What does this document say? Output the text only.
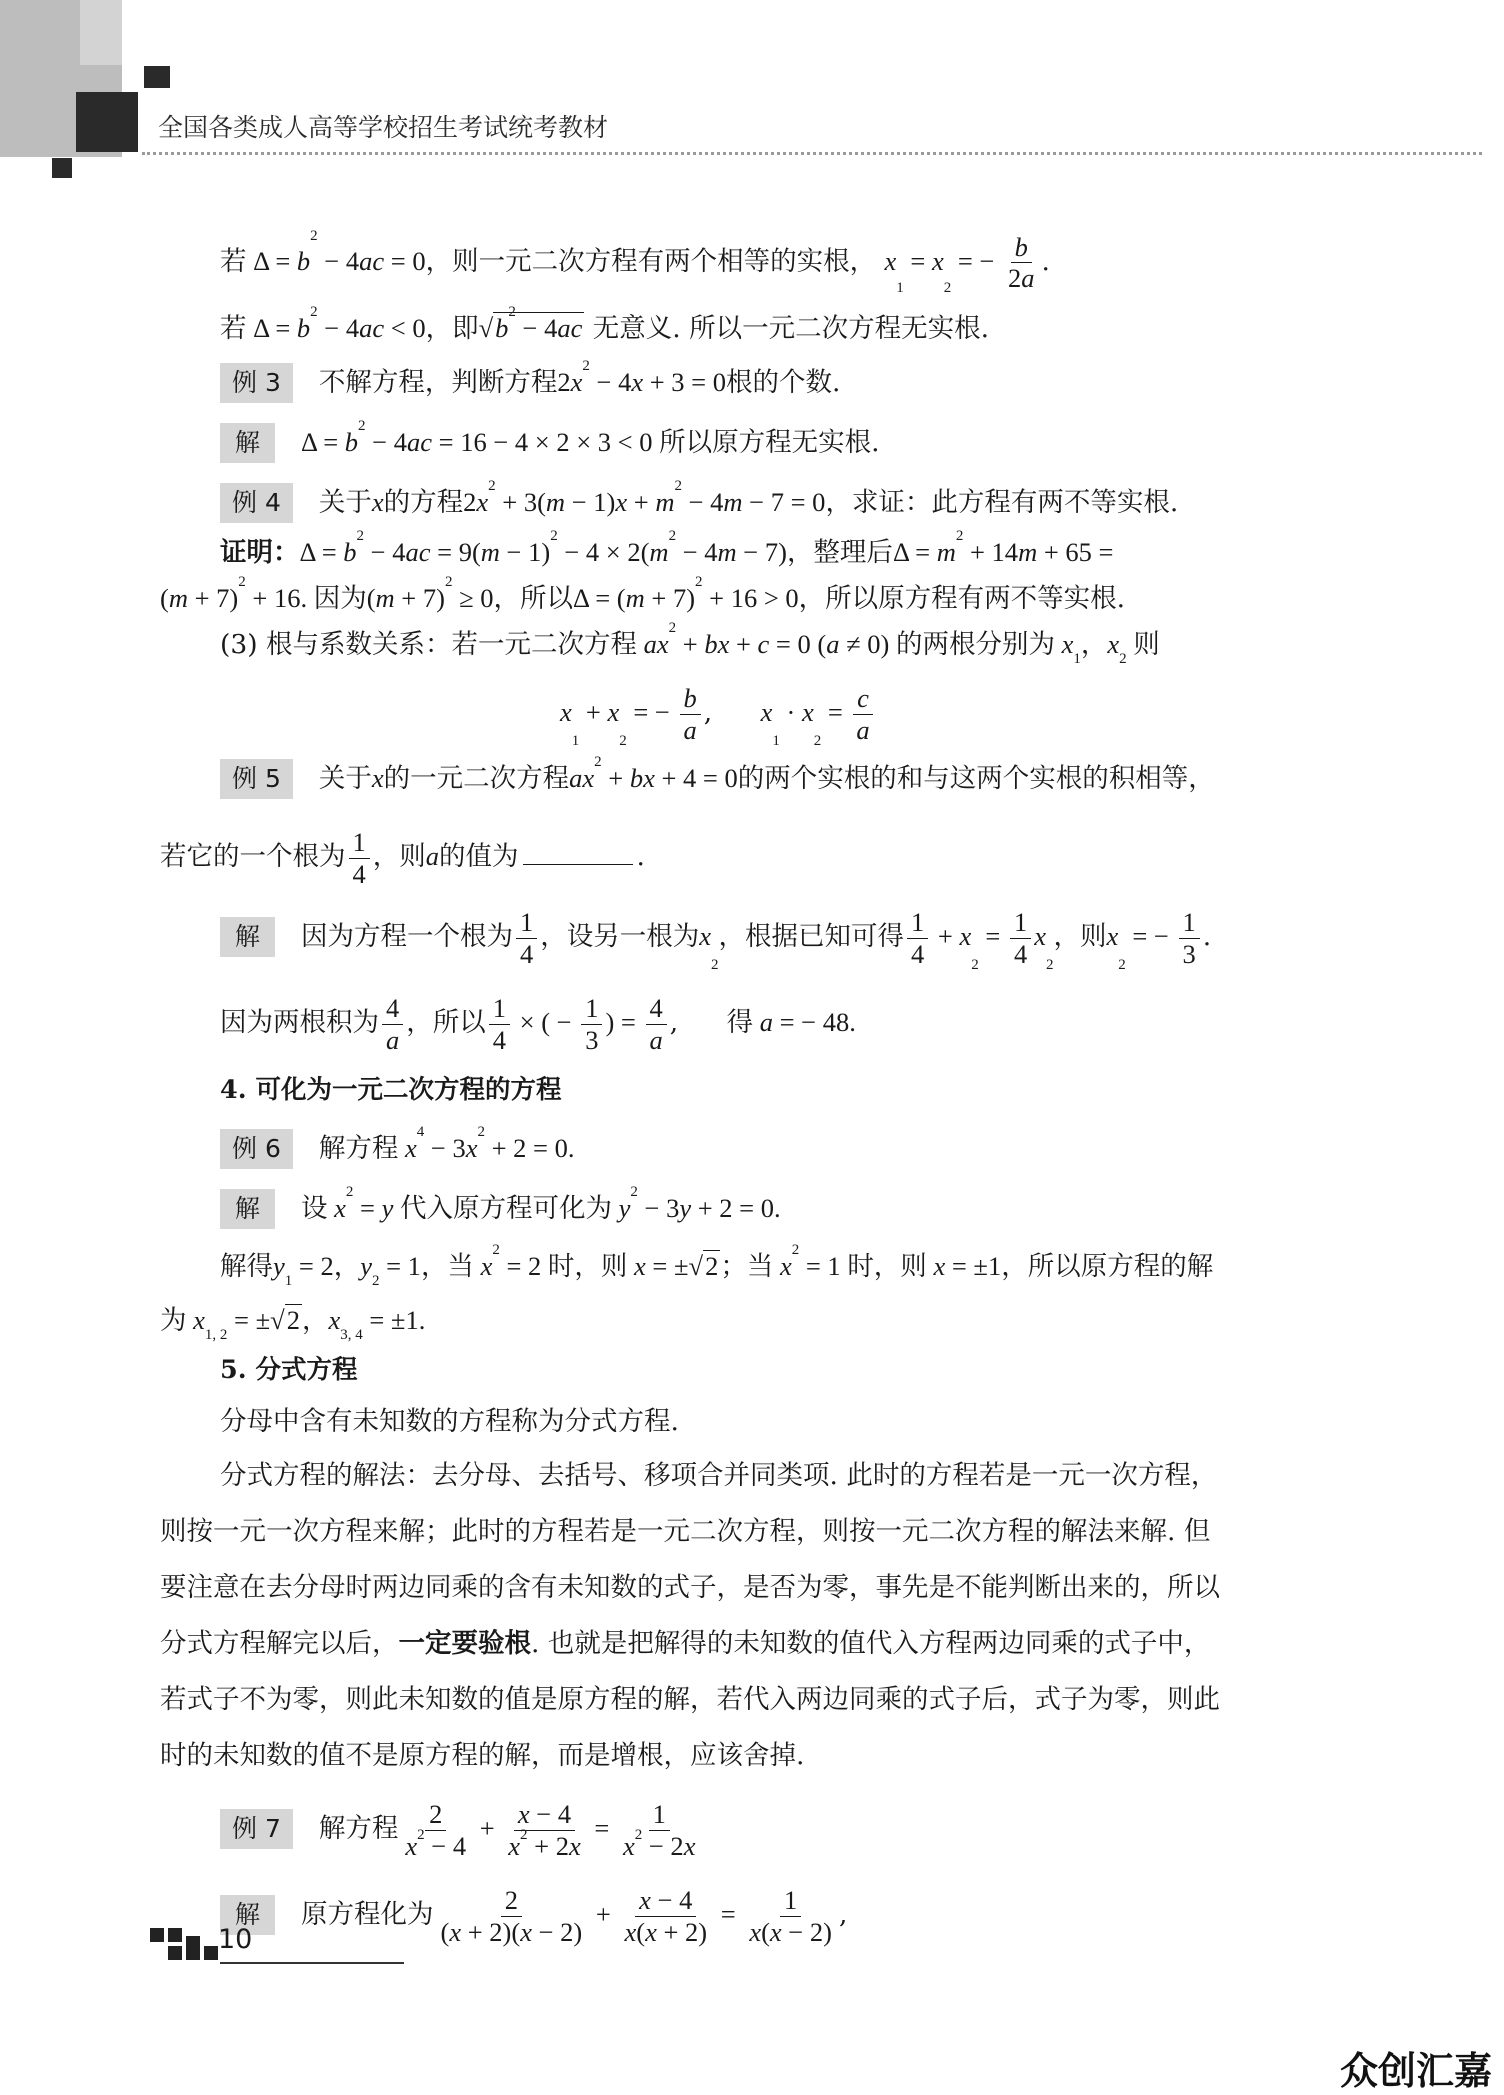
全国各类成人高等学校招生考试统考教材
若 $\Delta = b^2 - 4ac = 0$，则一元二次方程有两个相等的实根， $x_1 = x_2$ = − $\frac{b}{2a}$ .
若 $\Delta = b^2 - 4ac < 0$，即$√b^2 - 4ac$ 无意义. 所以一元二次方程无实根.
例 3 不解方程，判断方程$2x^2 - 4x + 3 = 0$根的个数.
解 $\Delta = b^2 - 4ac = 16 - 4 \times 2 \times 3 < 0$ 所以原方程无实根.
例 4 关于x的方程$2x^2 + 3(m - 1)x + m^2 - 4m - 7 = 0$，求证：此方程有两不等实根.
证明：$\Delta = b^2 - 4ac = 9(m - 1)^2 - 4 \times 2(m^2 - 4m - 7)$，整理后$\Delta = m^2 + 14m + 65$ =
$(m + 7)^2 + 16$. 因为$(m + 7)^2 \ge 0$，所以$\Delta = (m + 7)^2 + 16 > 0$，所以原方程有两不等实根.
(3) 根与系数关系：若一元二次方程 $ax^2$ + bx + c = 0 (a ≠ 0) 的两根分别为 $x_1$，$x_2$ 则
$x_1 + x_2$ = − $\frac{b}{a}$ , $x_1 \cdot x_2 = \frac{c}{a}$
例 5 关于x的一元二次方程$ax^2$ + bx + 4 = 0的两个实根的和与这两个实根的积相等，
若它的一个根为 $\frac{1}{4}$ ，则a的值为	.
解 因为方程一个根为 $\frac{1}{4}$ ，设另一根为$x_2$，根据已知可得 $\frac{1}{4} + x_2 = \frac{1}{4} x_2$，则$x_2$ = − $\frac{1}{3}$ .
因为两根积为 $\frac{4}{a}$ ，所以 $\frac{1}{4}$ × ( − $\frac{1}{3}$ ) = $\frac{4}{a}$ , 得 a = − 48.
4. 可化为一元二次方程的方程
例 6 解方程 $x^4 - 3x^2 + 2 = 0$.
解 设 $x^2 = y$ 代入原方程可化为 $y^2 - 3y + 2 = 0$.
解得$y_1 = 2$，$y_2 = 1$，当 $x^2 = 2$ 时，则 x = ±√2；当 $x^2 = 1$ 时，则 x = ±1，所以原方程的解
为 $x_{1, 2} = \pm√2$，$x_{3, 4} = \pm 1$.
5. 分式方程
分母中含有未知数的方程称为分式方程.
分式方程的解法：去分母、去括号、移项合并同类项. 此时的方程若是一元一次方程，
则按一元一次方程来解；此时的方程若是一元二次方程，则按一元二次方程的解法来解. 但
要注意在去分母时两边同乘的含有未知数的式子，是否为零，事先是不能判断出来的，所以
分式方程解完以后，一定要验根. 也就是把解得的未知数的值代入方程两边同乘的式子中，
若式子不为零，则此未知数的值是原方程的解，若代入两边同乘的式子后，式子为零，则此
时的未知数的值不是原方程的解，而是增根，应该舍掉.
例 7 解方程 $\frac{2}{x^2 - 4} + \frac{x - 4}{x^2 + 2x} = \frac{1}{x^2 - 2x}$
解 原方程化为 $\frac{2}{(x + 2)(x - 2)} + \frac{x - 4}{x(x + 2)} = \frac{1}{x(x - 2)}$ ,
10
众创汇嘉
